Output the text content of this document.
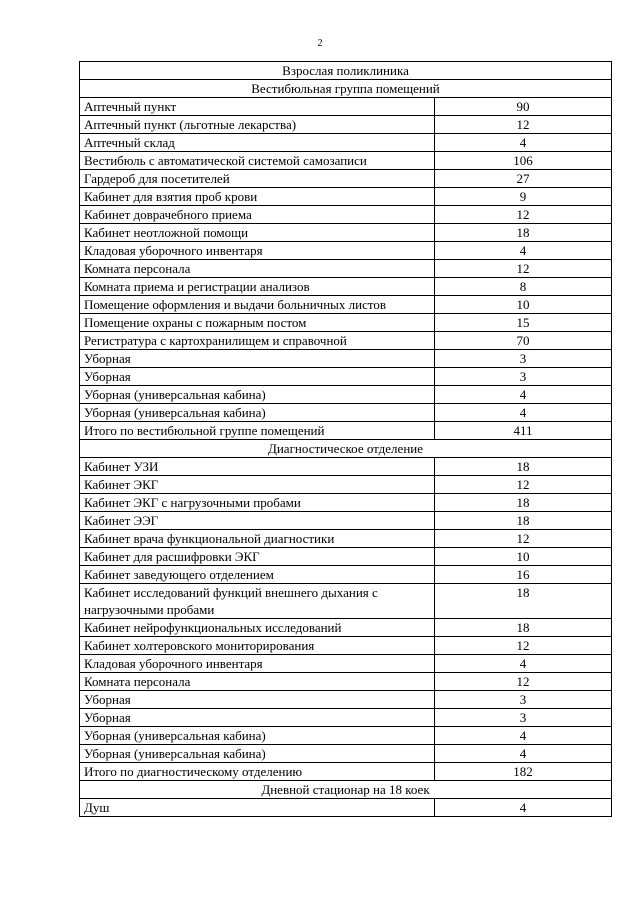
2
Взрослая поликлиника	
Вестибюльная группа помещений	
Аптечный пункт	90
Аптечный пункт (льготные лекарства)	12
Аптечный склад	4
Вестибюль с автоматической системой самозаписи	106
Гардероб для посетителей	27
Кабинет для взятия проб крови	9
Кабинет доврачебного приема	12
Кабинет неотложной помощи	18
Кладовая уборочного инвентаря	4
Комната персонала	12
Комната приема и регистрации анализов	8
Помещение оформления и выдачи больничных листов	10
Помещение охраны с пожарным постом	15
Регистратура с картохранилищем и справочной	70
Уборная	3
Уборная	3
Уборная (универсальная кабина)	4
Уборная (универсальная кабина)	4
Итого по вестибюльной группе помещений	411
Диагностическое отделение	
Кабинет УЗИ	18
Кабинет ЭКГ	12
Кабинет ЭКГ с нагрузочными пробами	18
Кабинет ЭЭГ	18
Кабинет врача функциональной диагностики	12
Кабинет для расшифровки ЭКГ	10
Кабинет заведующего отделением	16
Кабинет исследований функций внешнего дыхания с нагрузочными пробами	18
Кабинет нейрофункциональных исследований	18
Кабинет холтеровского мониторирования	12
Кладовая уборочного инвентаря	4
Комната персонала	12
Уборная	3
Уборная	3
Уборная (универсальная кабина)	4
Уборная (универсальная кабина)	4
Итого по диагностическому отделению	182
Дневной стационар на 18 коек	
Душ	4
